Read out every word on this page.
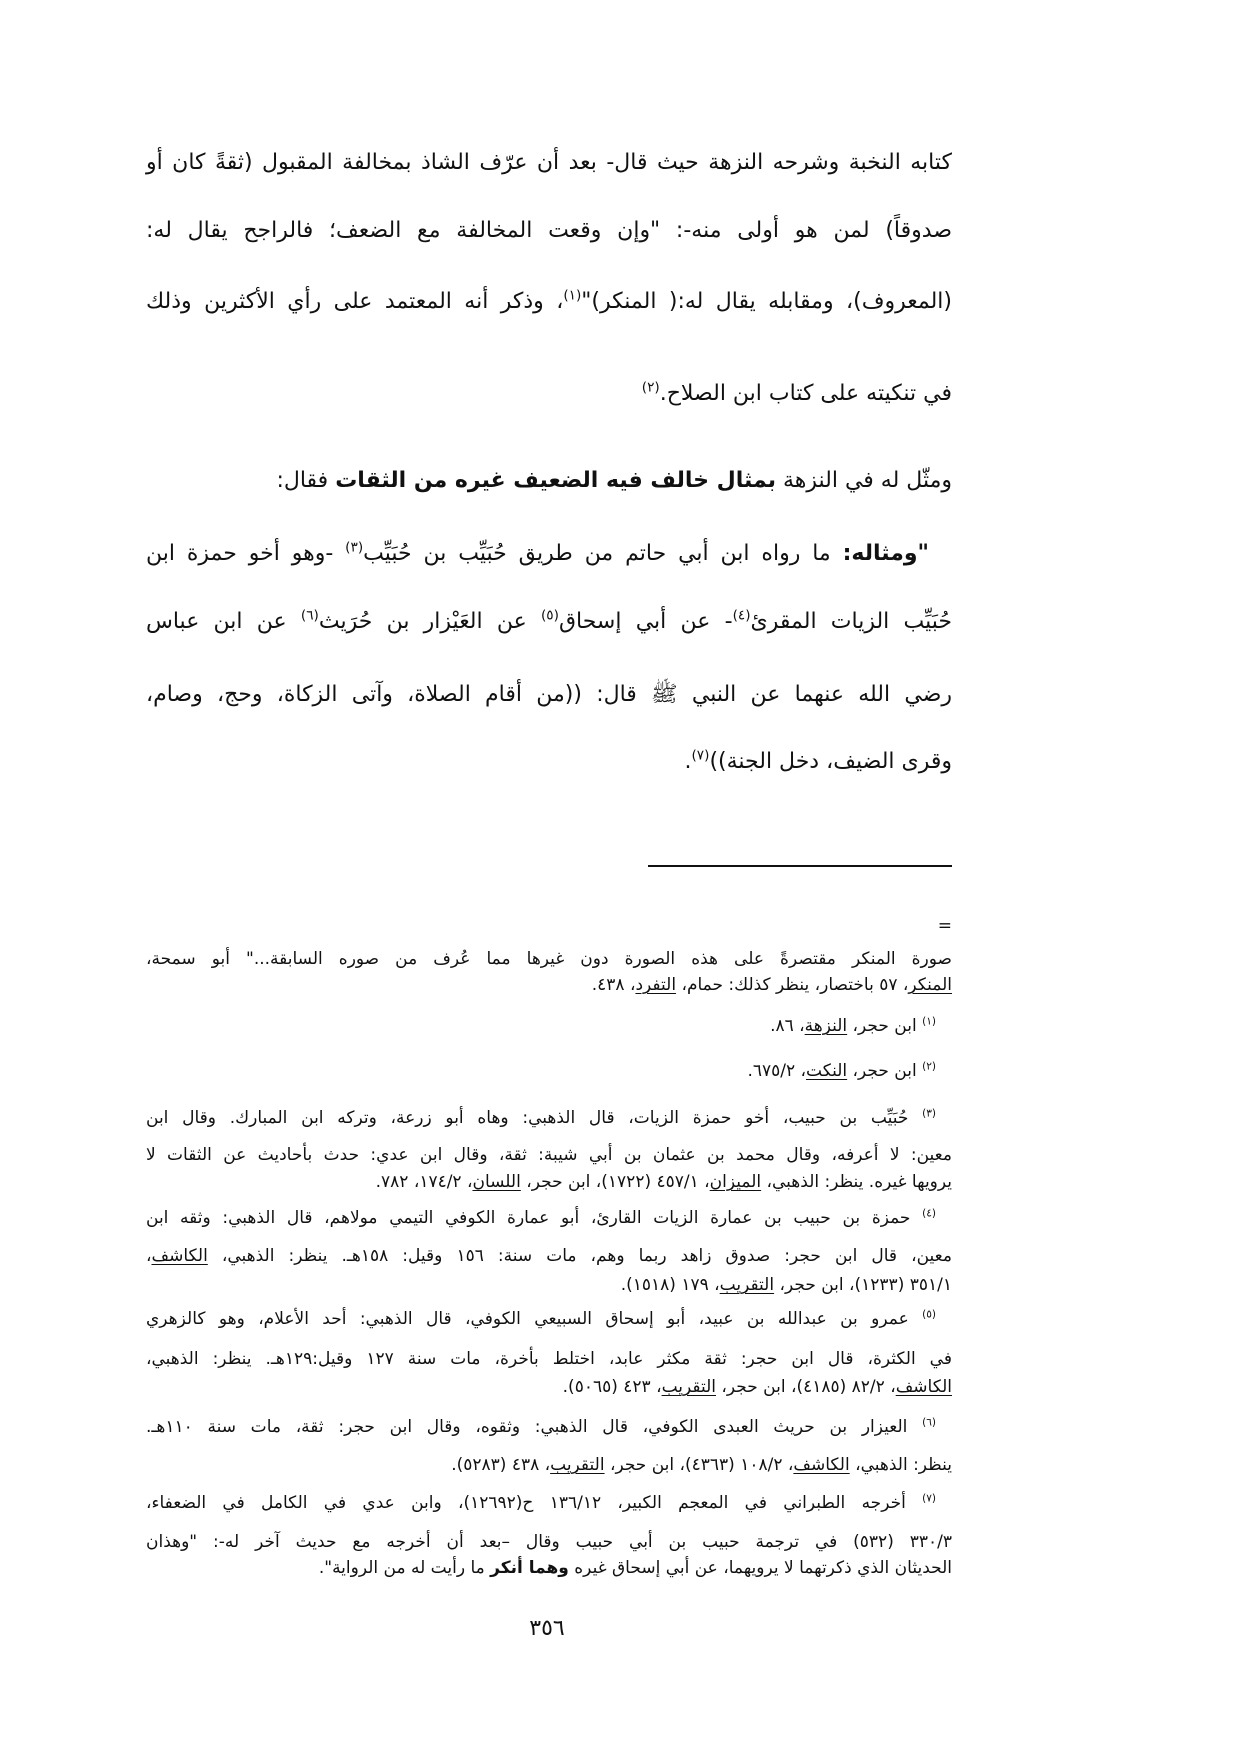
كتابه النخبة وشرحه النزهة حيث قال- بعد أن عرّف الشاذ بمخالفة المقبول (ثقةً كان أو
صدوقاً) لمن هو أولى منه-: "وإن وقعت المخالفة مع الضعف؛ فالراجح يقال له:
(المعروف)، ومقابله يقال له:( المنكر)"$^{(١)}$، وذكر أنه المعتمد على رأي الأكثرين وذلك
في تنكيته على كتاب ابن الصلاح.$^{(٢)}$
ومثّل له في النزهة بمثال خالف فيه الضعيف غيره من الثقات فقال:
"ومثاله: ما رواه ابن أبي حاتم من طريق حُبَيِّب بن حُبَيِّب$^{(٣)}$ -وهو أخو حمزة ابن
حُبَيِّب الزيات المقرئ$^{(٤)}$- عن أبي إسحاق$^{(٥)}$ عن العَيْزار بن حُرَيث$^{(٦)}$ عن ابن عباس
رضي الله عنهما عن النبي ﷺ قال: ((من أقام الصلاة، وآتى الزكاة، وحج، وصام،
وقرى الضيف، دخل الجنة))$^{(٧)}$.
=
صورة المنكر مقتصرةً على هذه الصورة دون غيرها مما عُرف من صوره السابقة..." أبو سمحة،
المنكر، ٥٧ باختصار، ينظر كذلك: حمام، التفرد، ٤٣٨.
$^{(١)}$ ابن حجر، النزهة، ٨٦.
$^{(٢)}$ ابن حجر، النكت، ٦٧٥/٢.
$^{(٣)}$ حُبَيِّب بن حبيب، أخو حمزة الزيات، قال الذهبي: وهاه أبو زرعة، وتركه ابن المبارك. وقال ابن
معين: لا أعرفه، وقال محمد بن عثمان بن أبي شيبة: ثقة، وقال ابن عدي: حدث بأحاديث عن الثقات لا
يرويها غيره. ينظر: الذهبي، الميزان، ٤٥٧/١ (١٧٢٢)، ابن حجر، اللسان، ١٧٤/٢، ٧٨٢.
$^{(٤)}$ حمزة بن حبيب بن عمارة الزيات القارئ، أبو عمارة الكوفي التيمي مولاهم، قال الذهبي: وثقه ابن
معين، قال ابن حجر: صدوق زاهد ربما وهم، مات سنة: ١٥٦ وقيل: ١٥٨هـ. ينظر: الذهبي، الكاشف،
٣٥١/١ (١٢٣٣)، ابن حجر، التقريب، ١٧٩ (١٥١٨).
$^{(٥)}$ عمرو بن عبدالله بن عبيد، أبو إسحاق السبيعي الكوفي، قال الذهبي: أحد الأعلام، وهو كالزهري
في الكثرة، قال ابن حجر: ثقة مكثر عابد، اختلط بأخرة، مات سنة ١٢٧ وقيل:١٢٩هـ. ينظر: الذهبي،
الكاشف، ٨٢/٢ (٤١٨٥)، ابن حجر، التقريب، ٤٢٣ (٥٠٦٥).
$^{(٦)}$ العيزار بن حريث العبدى الكوفي، قال الذهبي: وثقوه، وقال ابن حجر: ثقة، مات سنة ١١٠هـ.
ينظر: الذهبي، الكاشف، ١٠٨/٢ (٤٣٦٣)، ابن حجر، التقريب، ٤٣٨ (٥٢٨٣).
$^{(٧)}$ أخرجه الطبراني في المعجم الكبير، ١٣٦/١٢ ح(١٢٦٩٢)، وابن عدي في الكامل في الضعفاء،
٣٣٠/٣ (٥٣٢) في ترجمة حبيب بن أبي حبيب وقال –بعد أن أخرجه مع حديث آخر له-: "وهذان
الحديثان الذي ذكرتهما لا يرويهما، عن أبي إسحاق غيره وهما أنكر ما رأيت له من الرواية".
٣٥٦
